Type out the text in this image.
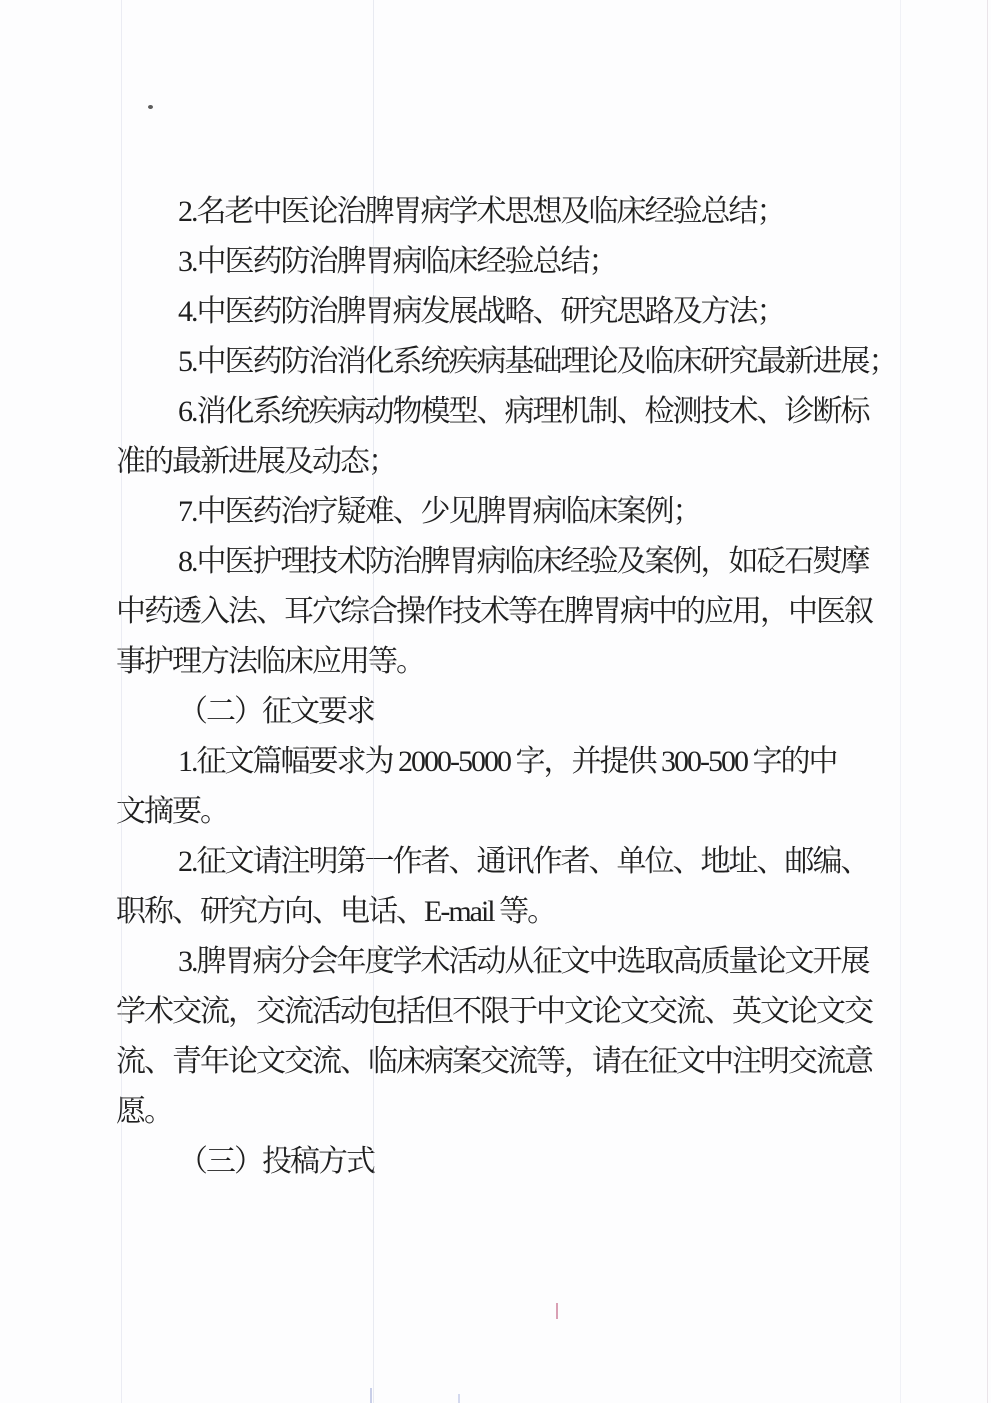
2.名老中医论治脾胃病学术思想及临床经验总结；
3.中医药防治脾胃病临床经验总结；
4.中医药防治脾胃病发展战略、研究思路及方法；
5.中医药防治消化系统疾病基础理论及临床研究最新进展；
6.消化系统疾病动物模型、病理机制、检测技术、诊断标
准的最新进展及动态；
7.中医药治疗疑难、少见脾胃病临床案例；
8.中医护理技术防治脾胃病临床经验及案例，如砭石熨摩
中药透入法、耳穴综合操作技术等在脾胃病中的应用，中医叙
事护理方法临床应用等。
（二）征文要求
1.征文篇幅要求为 2000-5000 字，并提供 300-500 字的中
文摘要。
2.征文请注明第一作者、通讯作者、单位、地址、邮编、
职称、研究方向、电话、E-mail 等。
3.脾胃病分会年度学术活动从征文中选取高质量论文开展
学术交流，交流活动包括但不限于中文论文交流、英文论文交
流、青年论文交流、临床病案交流等，请在征文中注明交流意
愿。
（三）投稿方式
